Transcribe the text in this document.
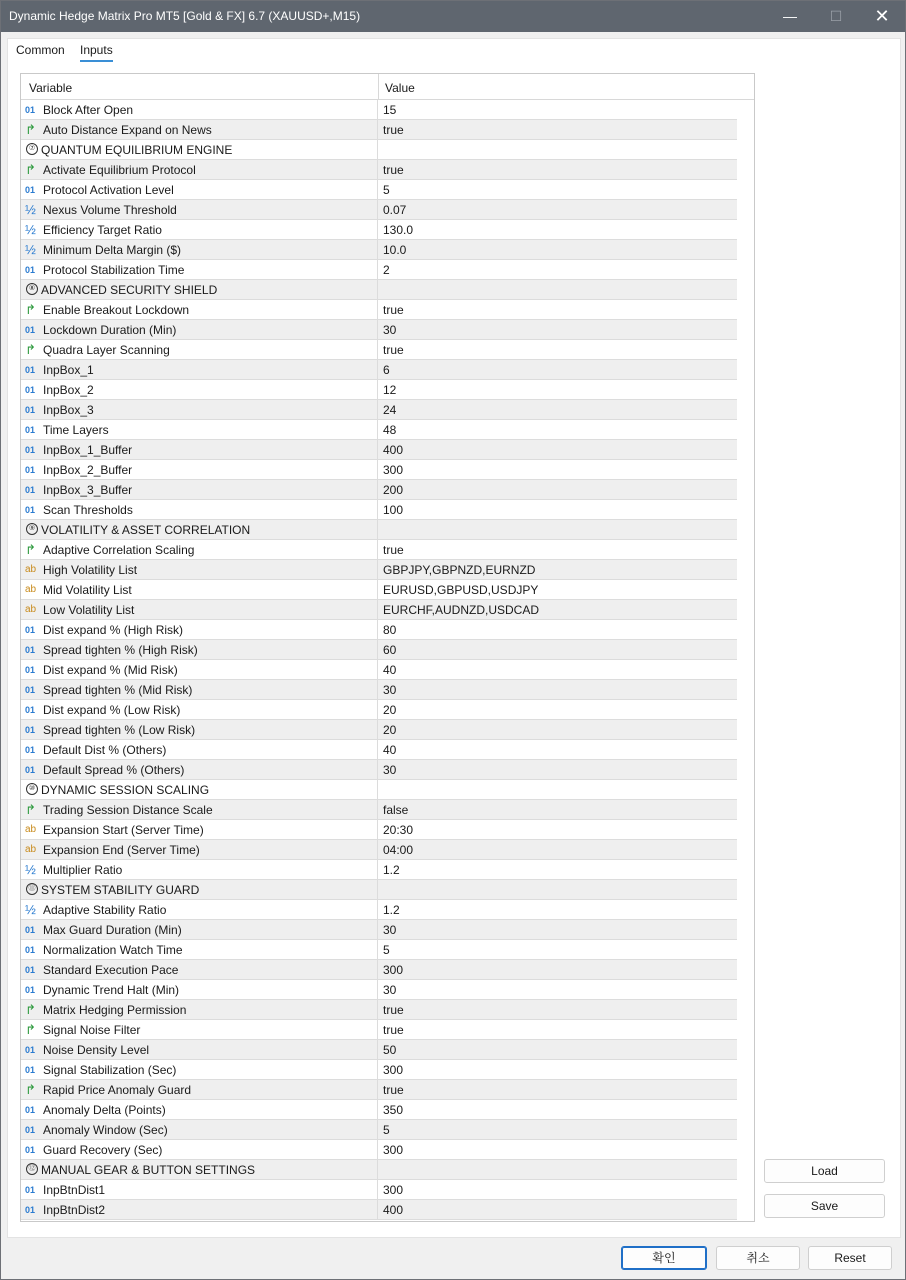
Dynamic Hedge Matrix Pro MT5 [Gold & FX] 6.7 (XAUUSD+,M15)	—	☐	✕
Common Inputs
Variable	Value
01 Block After Open	15
↱ Auto Distance Expand on News	true
⑦ QUANTUM EQUILIBRIUM ENGINE
↱ Activate Equilibrium Protocol	true
01 Protocol Activation Level	5
½ Nexus Volume Threshold	0.07
½ Efficiency Target Ratio	130.0
½ Minimum Delta Margin ($)	10.0
01 Protocol Stabilization Time	2
⑧ ADVANCED SECURITY SHIELD
↱ Enable Breakout Lockdown	true
01 Lockdown Duration (Min)	30
↱ Quadra Layer Scanning	true
01 InpBox_1	6
01 InpBox_2	12
01 InpBox_3	24
01 Time Layers	48
01 InpBox_1_Buffer	400
01 InpBox_2_Buffer	300
01 InpBox_3_Buffer	200
01 Scan Thresholds	100
⑨ VOLATILITY & ASSET CORRELATION
↱ Adaptive Correlation Scaling	true
ab High Volatility List	GBPJPY,GBPNZD,EURNZD
ab Mid Volatility List	EURUSD,GBPUSD,USDJPY
ab Low Volatility List	EURCHF,AUDNZD,USDCAD
01 Dist expand % (High Risk)	80
01 Spread tighten % (High Risk)	60
01 Dist expand % (Mid Risk)	40
01 Spread tighten % (Mid Risk)	30
01 Dist expand % (Low Risk)	20
01 Spread tighten % (Low Risk)	20
01 Default Dist % (Others)	40
01 Default Spread % (Others)	30
⑩ DYNAMIC SESSION SCALING
↱ Trading Session Distance Scale	false
ab Expansion Start (Server Time)	20:30
ab Expansion End (Server Time)	04:00
½ Multiplier Ratio	1.2
⑪ SYSTEM STABILITY GUARD
½ Adaptive Stability Ratio	1.2
01 Max Guard Duration (Min)	30
01 Normalization Watch Time	5
01 Standard Execution Pace	300
01 Dynamic Trend Halt (Min)	30
↱ Matrix Hedging Permission	true
↱ Signal Noise Filter	true
01 Noise Density Level	50
01 Signal Stabilization (Sec)	300
↱ Rapid Price Anomaly Guard	true
01 Anomaly Delta (Points)	350
01 Anomaly Window (Sec)	5
01 Guard Recovery (Sec)	300
⑫ MANUAL GEAR & BUTTON SETTINGS
01 InpBtnDist1	300
01 InpBtnDist2	400
Load
Save
확인	취소	Reset
